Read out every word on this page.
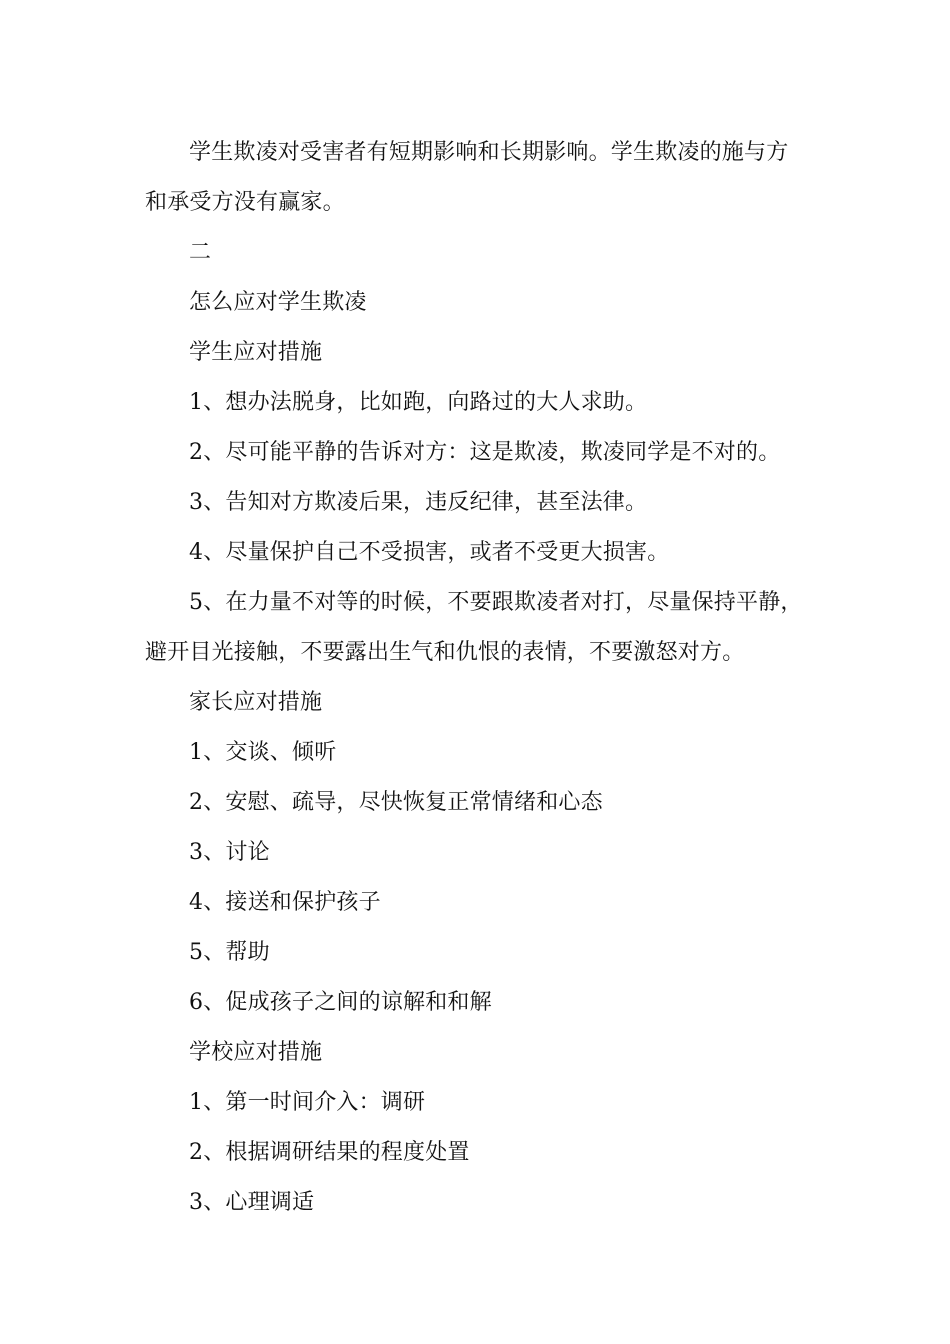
学生欺凌对受害者有短期影响和长期影响。学生欺凌的施与方
和承受方没有赢家。
二
怎么应对学生欺凌
学生应对措施
1、想办法脱身，比如跑，向路过的大人求助。
2、尽可能平静的告诉对方：这是欺凌，欺凌同学是不对的。
3、告知对方欺凌后果，违反纪律，甚至法律。
4、尽量保护自己不受损害，或者不受更大损害。
5、在力量不对等的时候，不要跟欺凌者对打，尽量保持平静，
避开目光接触，不要露出生气和仇恨的表情，不要激怒对方。
家长应对措施
1、交谈、倾听
2、安慰、疏导，尽快恢复正常情绪和心态
3、讨论
4、接送和保护孩子
5、帮助
6、促成孩子之间的谅解和和解
学校应对措施
1、第一时间介入：调研
2、根据调研结果的程度处置
3、心理调适
